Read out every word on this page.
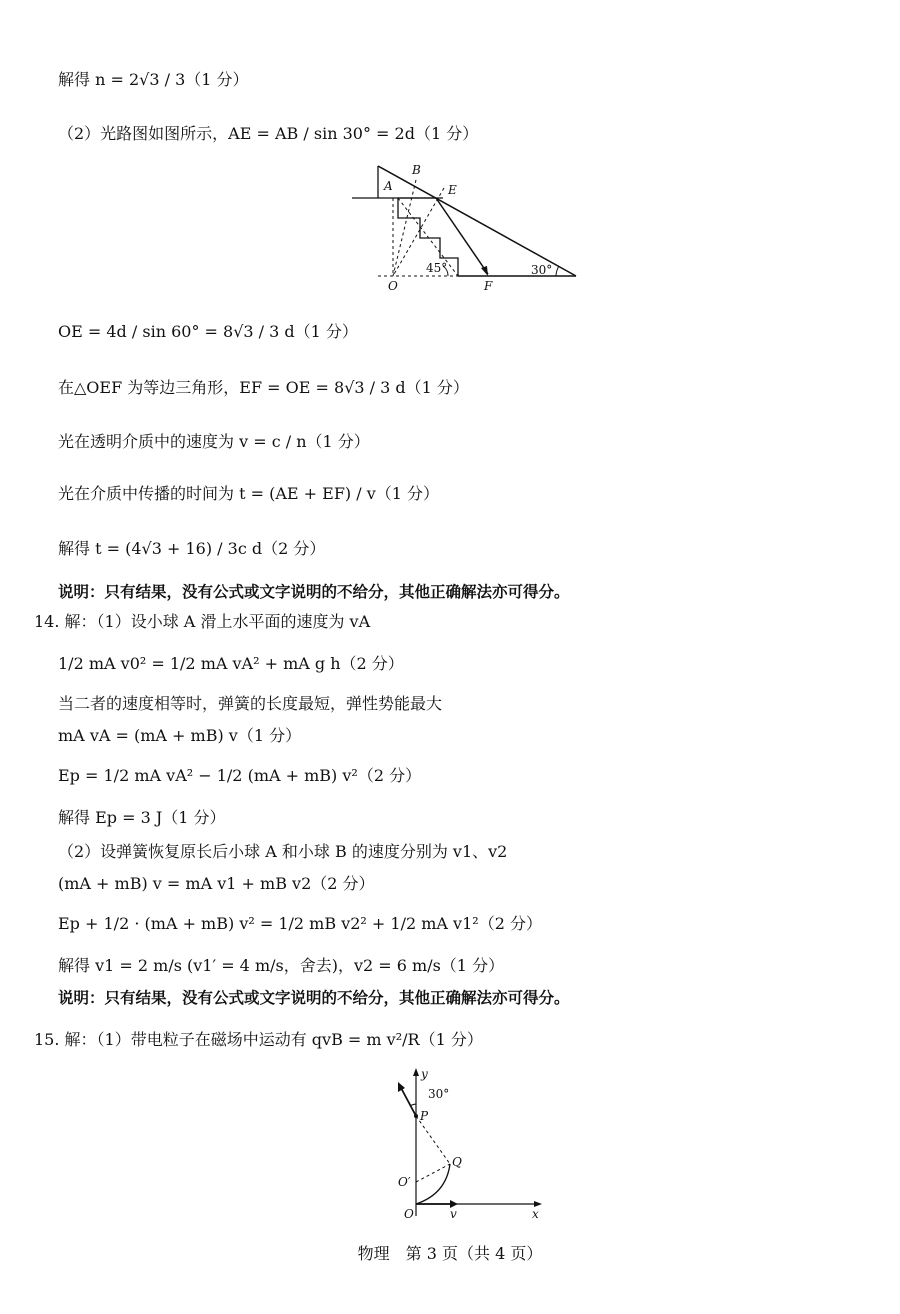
解得 n = 2√3 / 3（1 分）
（2）光路图如图所示，AE = AB / sin 30° = 2d（1 分）
A
B
E
O	F
45°	30°
OE = 4d / sin 60° = 8√3 / 3 d（1 分）
在△OEF 为等边三角形，EF = OE = 8√3 / 3 d（1 分）
光在透明介质中的速度为 v = c / n（1 分）
光在介质中传播的时间为 t = (AE + EF) / v（1 分）
解得 t = (4√3 + 16) / 3c d（2 分）
说明：只有结果，没有公式或文字说明的不给分，其他正确解法亦可得分。
14. 解：（1）设小球 A 滑上水平面的速度为 vA
1/2 mA v0² = 1/2 mA vA² + mA g h（2 分）
当二者的速度相等时，弹簧的长度最短，弹性势能最大
mA vA = (mA + mB) v（1 分）
Ep = 1/2 mA vA² − 1/2 (mA + mB) v²（2 分）
解得 Ep = 3 J（1 分）
（2）设弹簧恢复原长后小球 A 和小球 B 的速度分别为 v1、v2
(mA + mB) v = mA v1 + mB v2（2 分）
Ep + 1/2 · (mA + mB) v² = 1/2 mB v2² + 1/2 mA v1²（2 分）
解得 v1 = 2 m/s (v1′ = 4 m/s，舍去)，v2 = 6 m/s（1 分）
说明：只有结果，没有公式或文字说明的不给分，其他正确解法亦可得分。
15. 解：（1）带电粒子在磁场中运动有 qvB = m v²/R（1 分）
y
30°
P
Q
O′
O	v	x
物理　第 3 页（共 4 页）
